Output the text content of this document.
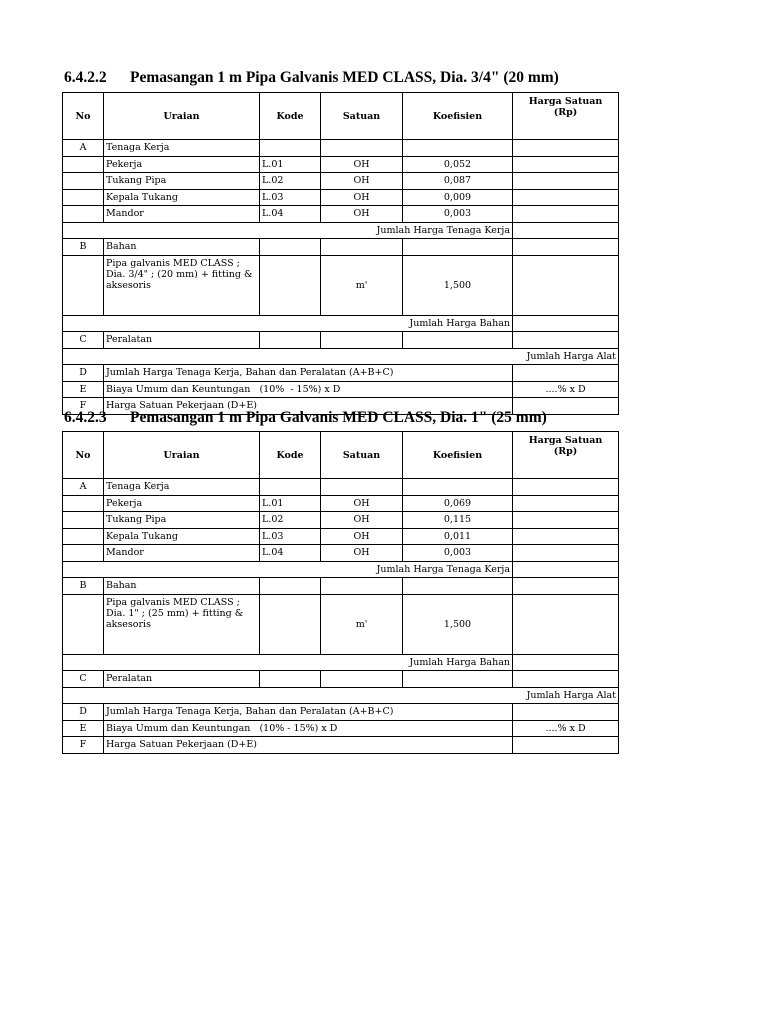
6.4.2.2 Pemasangan 1 m Pipa Galvanis MED CLASS, Dia. 3/4" (20 mm)
No	Uraian	Kode	Satuan	Koefisien	Harga Satuan
(Rp)
A	Tenaga Kerja				
	Pekerja	L.01	OH	0,052	
	Tukang Pipa	L.02	OH	0,087	
	Kepala Tukang	L.03	OH	0,009	
	Mandor	L.04	OH	0,003	
Jumlah Harga Tenaga Kerja					
B	Bahan				
	Pipa galvanis MED CLASS ; Dia. 3/4" ; (20 mm) + fitting & aksesoris		m'	1,500	
Jumlah Harga Bahan					
C	Peralatan				
Jumlah Harga Alat					
D	Jumlah Harga Tenaga Kerja, Bahan dan Peralatan (A+B+C)				
E	Biaya Umum dan Keuntungan   (10%  - 15%) x D				....% x D
F	Harga Satuan Pekerjaan (D+E)				
6.4.2.3 Pemasangan 1 m Pipa Galvanis MED CLASS, Dia. 1" (25 mm)
No	Uraian	Kode	Satuan	Koefisien	Harga Satuan
(Rp)
A	Tenaga Kerja				
	Pekerja	L.01	OH	0,069	
	Tukang Pipa	L.02	OH	0,115	
	Kepala Tukang	L.03	OH	0,011	
	Mandor	L.04	OH	0,003	
Jumlah Harga Tenaga Kerja					
B	Bahan				
	Pipa galvanis MED CLASS ; Dia. 1" ; (25 mm) + fitting & aksesoris		m'	1,500	
Jumlah Harga Bahan					
C	Peralatan				
Jumlah Harga Alat					
D	Jumlah Harga Tenaga Kerja, Bahan dan Peralatan (A+B+C)				
E	Biaya Umum dan Keuntungan   (10% - 15%) x D				....% x D
F	Harga Satuan Pekerjaan (D+E)				
